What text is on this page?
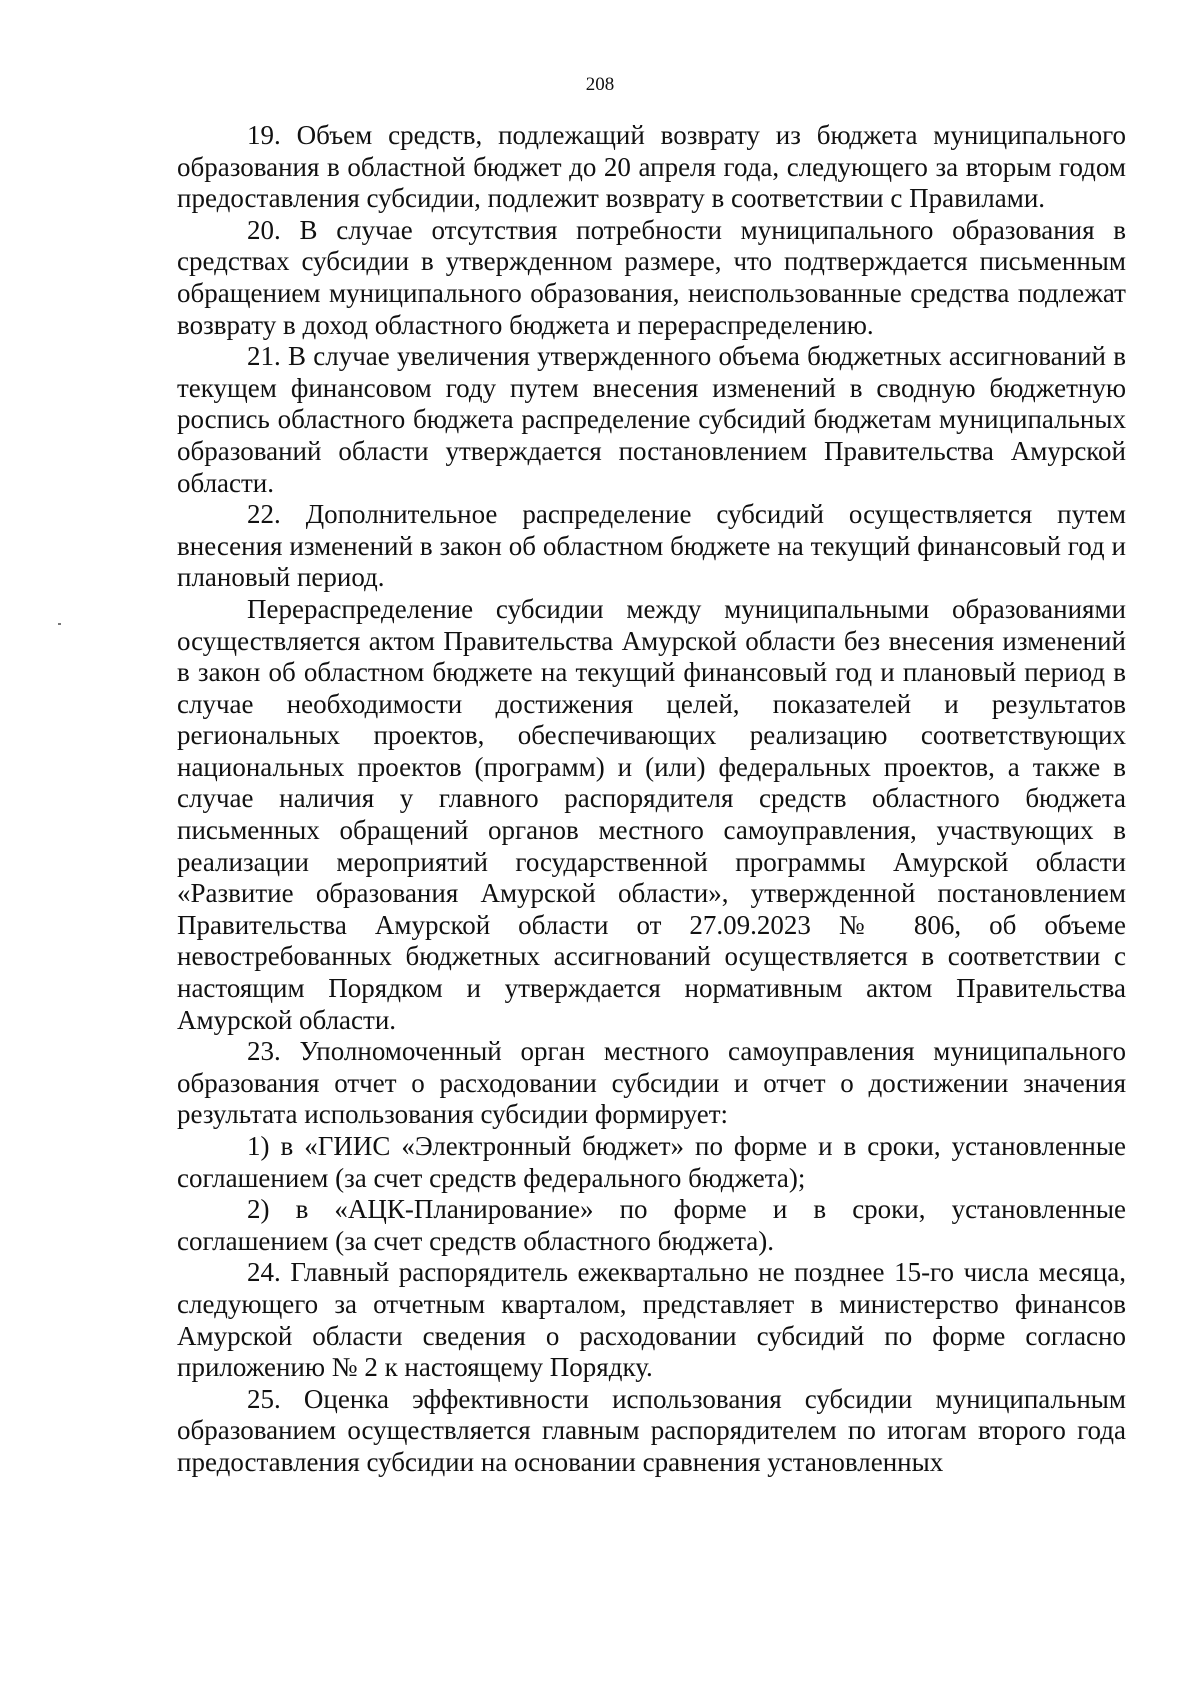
208

19. Объем средств, подлежащий возврату из бюджета муниципального образования в областной бюджет до 20 апреля года, следующего за вторым годом предоставления субсидии, подлежит возврату в соответствии с Правилами.

20. В случае отсутствия потребности муниципального образования в средствах субсидии в утвержденном размере, что подтверждается письменным обращением муниципального образования, неиспользованные средства подлежат возврату в доход областного бюджета и перераспределению.

21. В случае увеличения утвержденного объема бюджетных ассигнований в текущем финансовом году путем внесения изменений в сводную бюджетную роспись областного бюджета распределение субсидий бюджетам муниципальных образований области утверждается постановлением Правительства Амурской области.

22. Дополнительное распределение субсидий осуществляется путем внесения изменений в закон об областном бюджете на текущий финансовый год и плановый период.

Перераспределение субсидии между муниципальными образованиями осуществляется актом Правительства Амурской области без внесения изменений в закон об областном бюджете на текущий финансовый год и плановый период в случае необходимости достижения целей, показателей и результатов региональных проектов, обеспечивающих реализацию соответствующих национальных проектов (программ) и (или) федеральных проектов, а также в случае наличия у главного распорядителя средств областного бюджета письменных обращений органов местного самоуправления, участвующих в реализации мероприятий государственной программы Амурской области «Развитие образования Амурской области», утвержденной постановлением Правительства Амурской области от 27.09.2023 № 806, об объеме невостребованных бюджетных ассигнований осуществляется в соответствии с настоящим Порядком и утверждается нормативным актом Правительства Амурской области.

23. Уполномоченный орган местного самоуправления муниципального образования отчет о расходовании субсидии и отчет о достижении значения результата использования субсидии формирует:

1) в «ГИИС «Электронный бюджет» по форме и в сроки, установленные соглашением (за счет средств федерального бюджета);

2) в «АЦК-Планирование» по форме и в сроки, установленные соглашением (за счет средств областного бюджета).

24. Главный распорядитель ежеквартально не позднее 15-го числа месяца, следующего за отчетным кварталом, представляет в министерство финансов Амурской области сведения о расходовании субсидий по форме согласно приложению № 2 к настоящему Порядку.

25. Оценка эффективности использования субсидии муниципальным образованием осуществляется главным распорядителем по итогам второго года предоставления субсидии на основании сравнения установленных
